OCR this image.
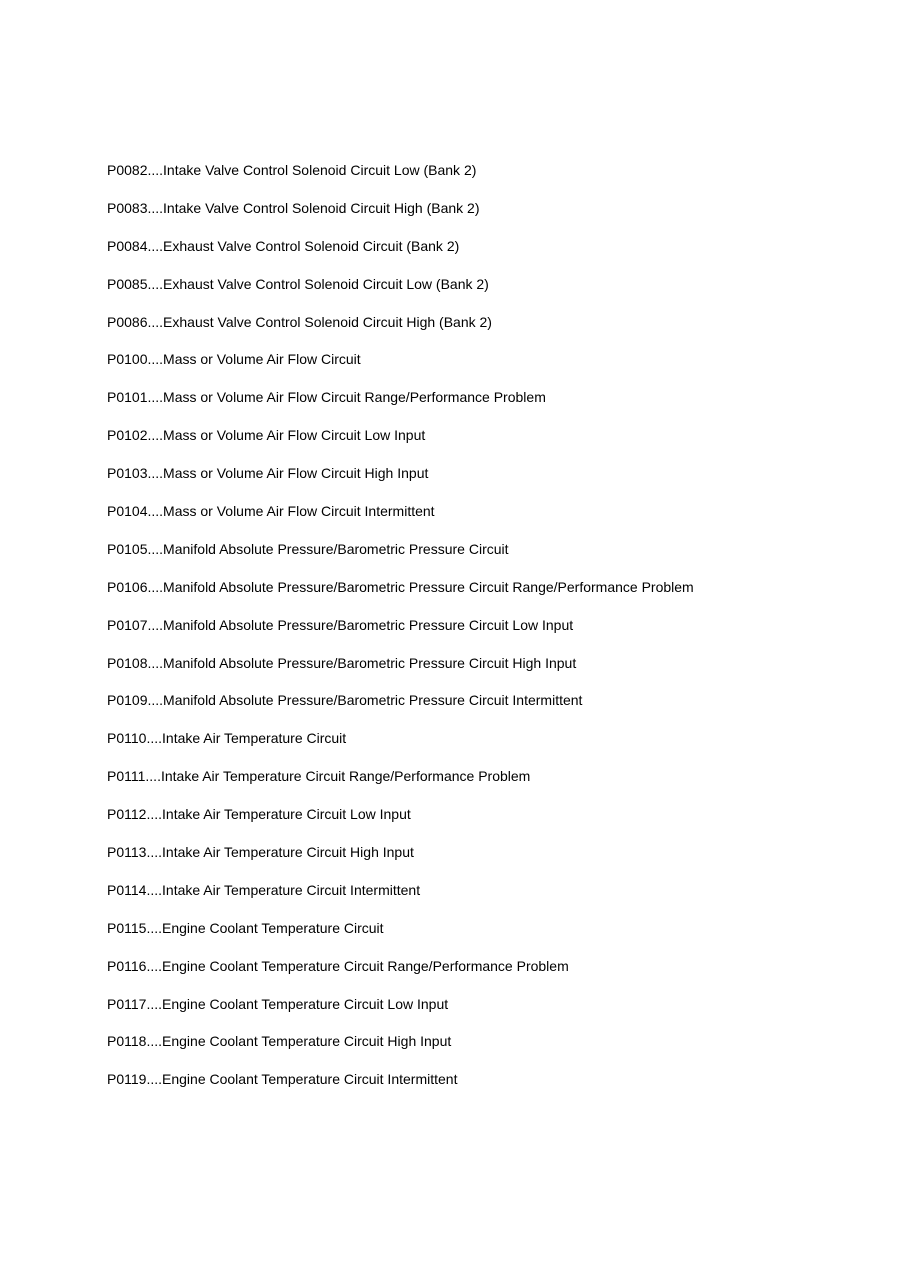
P0082....Intake Valve Control Solenoid Circuit Low (Bank 2)
P0083....Intake Valve Control Solenoid Circuit High (Bank 2)
P0084....Exhaust Valve Control Solenoid Circuit (Bank 2)
P0085....Exhaust Valve Control Solenoid Circuit Low (Bank 2)
P0086....Exhaust Valve Control Solenoid Circuit High (Bank 2)
P0100....Mass or Volume Air Flow Circuit
P0101....Mass or Volume Air Flow Circuit Range/Performance Problem
P0102....Mass or Volume Air Flow Circuit Low Input
P0103....Mass or Volume Air Flow Circuit High Input
P0104....Mass or Volume Air Flow Circuit Intermittent
P0105....Manifold Absolute Pressure/Barometric Pressure Circuit
P0106....Manifold Absolute Pressure/Barometric Pressure Circuit Range/Performance Problem
P0107....Manifold Absolute Pressure/Barometric Pressure Circuit Low Input
P0108....Manifold Absolute Pressure/Barometric Pressure Circuit High Input
P0109....Manifold Absolute Pressure/Barometric Pressure Circuit Intermittent
P0110....Intake Air Temperature Circuit
P0111....Intake Air Temperature Circuit Range/Performance Problem
P0112....Intake Air Temperature Circuit Low Input
P0113....Intake Air Temperature Circuit High Input
P0114....Intake Air Temperature Circuit Intermittent
P0115....Engine Coolant Temperature Circuit
P0116....Engine Coolant Temperature Circuit Range/Performance Problem
P0117....Engine Coolant Temperature Circuit Low Input
P0118....Engine Coolant Temperature Circuit High Input
P0119....Engine Coolant Temperature Circuit Intermittent
